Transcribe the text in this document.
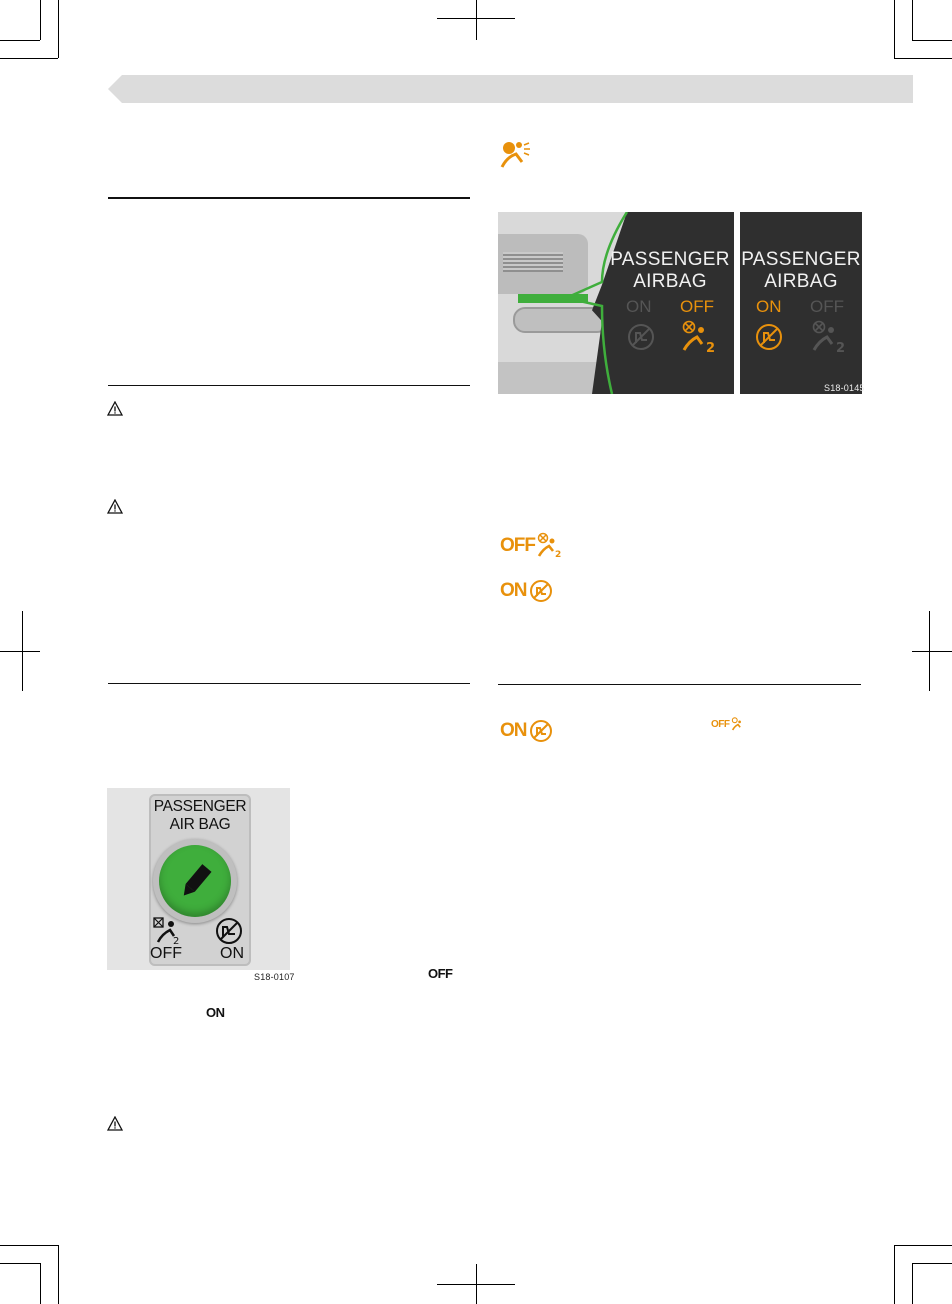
PASSENGER
AIR BAG
2
OFF ON
S18-0107	OFF
ON
PASSENGER
AIRBAG
ON OFF
2
PASSENGER
AIRBAG
ON OFF
2
S18-0145
OFF 2
ON
ON	OFF
